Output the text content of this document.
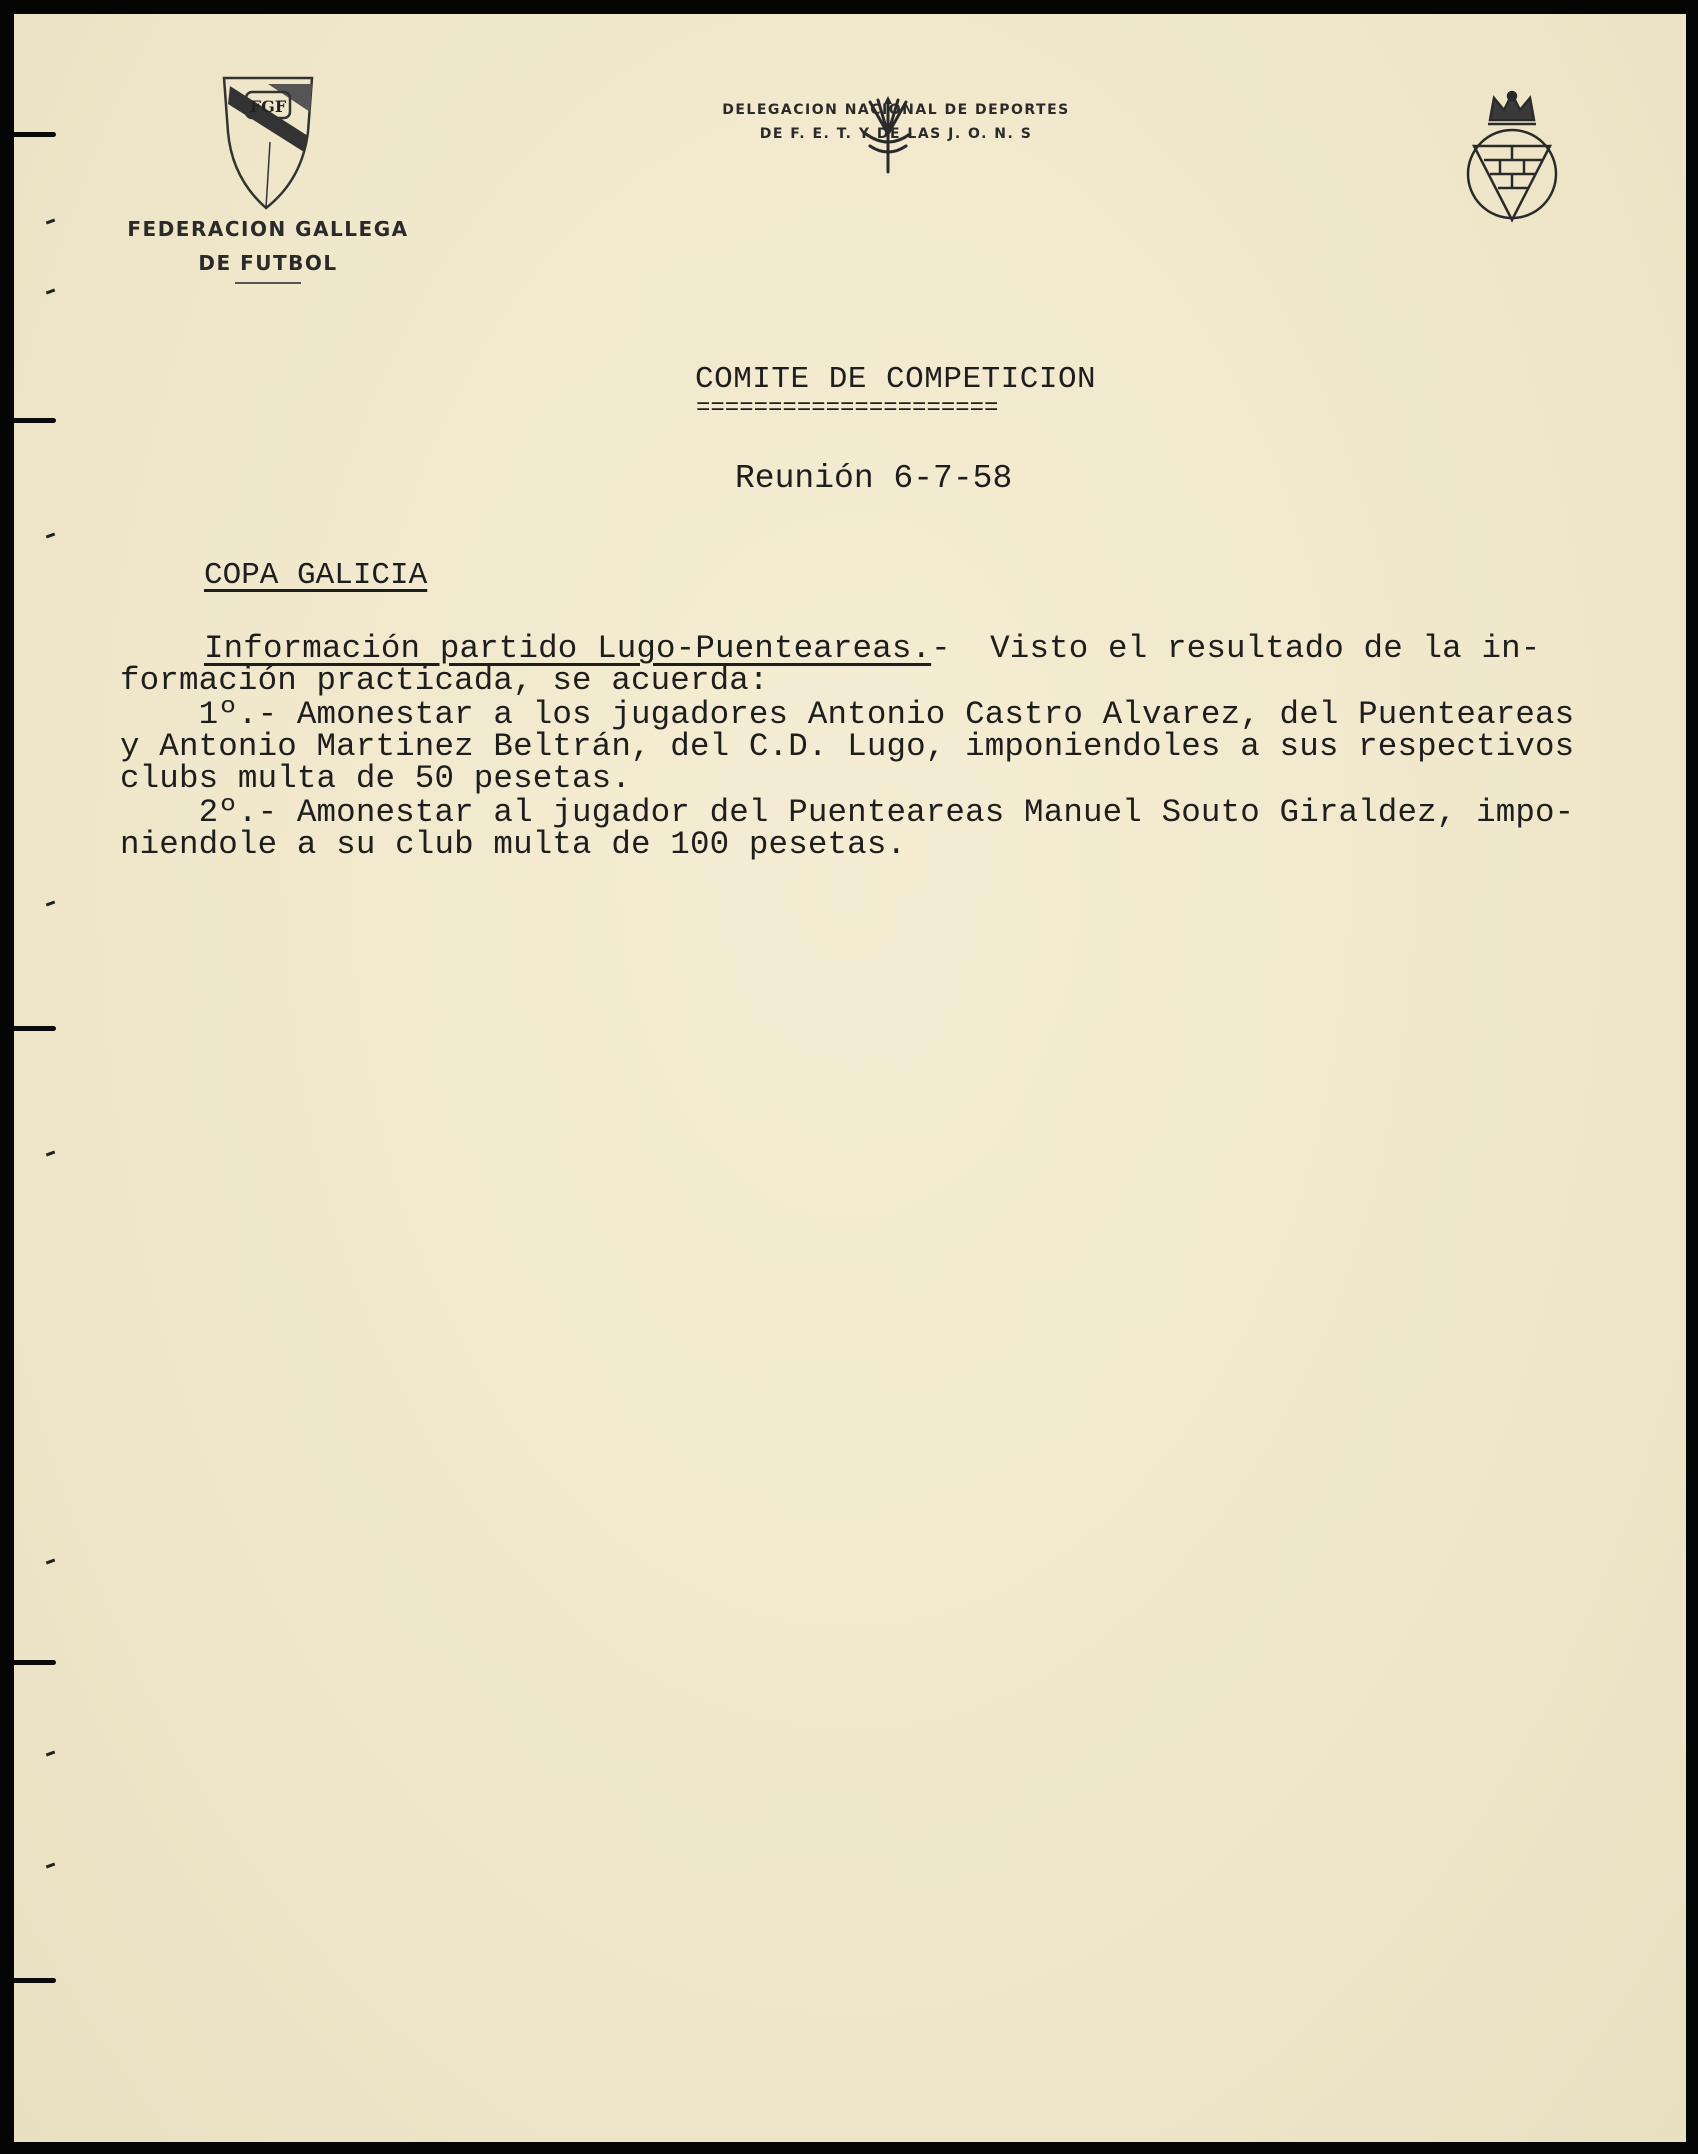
FGF
FEDERACION GALLEGA
DE FUTBOL
DELEGACION NACIONAL DE DEPORTES
DE F. E. T. Y DE LAS J. O. N. S
COMITE DE COMPETICION
=====================
Reunión 6-7-58
COPA GALICIA
Información partido Lugo-Puenteareas.-  Visto el resultado de la in-
formación practicada, se acuerda:
1º.- Amonestar a los jugadores Antonio Castro Alvarez, del Puenteareas
y Antonio Martinez Beltrán, del C.D. Lugo, imponiendoles a sus respectivos
clubs multa de 50 pesetas.
2º.- Amonestar al jugador del Puenteareas Manuel Souto Giraldez, impo-
niendole a su club multa de 100 pesetas.
